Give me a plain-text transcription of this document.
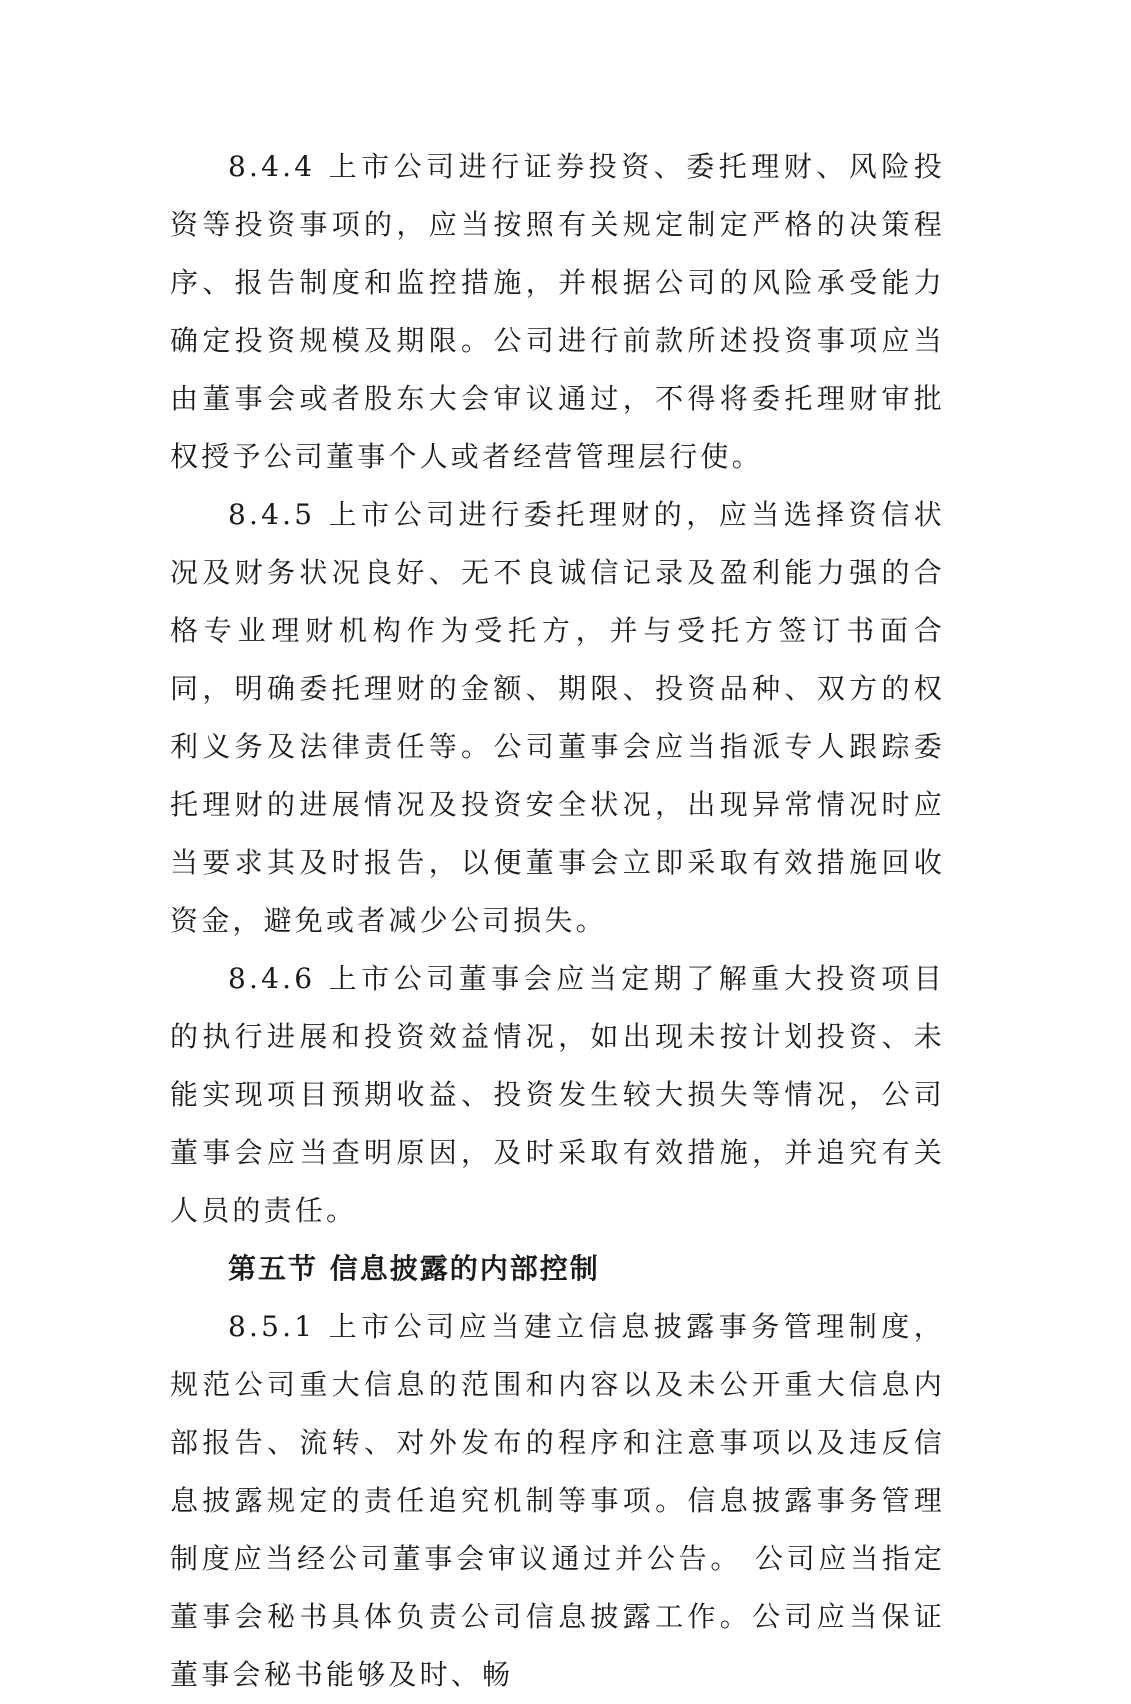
8.4.4 上市公司进行证券投资、委托理财、风险投资等投资事项的，应当按照有关规定制定严格的决策程序、报告制度和监控措施，并根据公司的风险承受能力确定投资规模及期限。公司进行前款所述投资事项应当由董事会或者股东大会审议通过，不得将委托理财审批权授予公司董事个人或者经营管理层行使。

8.4.5 上市公司进行委托理财的，应当选择资信状况及财务状况良好、无不良诚信记录及盈利能力强的合格专业理财机构作为受托方，并与受托方签订书面合同，明确委托理财的金额、期限、投资品种、双方的权利义务及法律责任等。公司董事会应当指派专人跟踪委托理财的进展情况及投资安全状况，出现异常情况时应当要求其及时报告，以便董事会立即采取有效措施回收资金，避免或者减少公司损失。

8.4.6 上市公司董事会应当定期了解重大投资项目的执行进展和投资效益情况，如出现未按计划投资、未能实现项目预期收益、投资发生较大损失等情况，公司董事会应当查明原因，及时采取有效措施，并追究有关人员的责任。

第五节 信息披露的内部控制

8.5.1 上市公司应当建立信息披露事务管理制度，规范公司重大信息的范围和内容以及未公开重大信息内部报告、流转、对外发布的程序和注意事项以及违反信息披露规定的责任追究机制等事项。信息披露事务管理制度应当经公司董事会审议通过并公告。 公司应当指定董事会秘书具体负责公司信息披露工作。公司应当保证董事会秘书能够及时、畅
